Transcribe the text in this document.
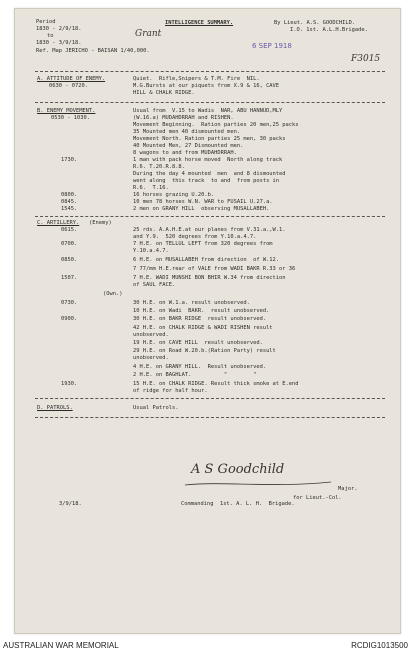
Period
1830 - 2/9/18.
to
1830 - 3/9/18.
Ref. Map JERICHO - BAISAN 1/40,000.
INTELLIGENCE SUMMARY.	By Lieut. A.S. GOODCHILD.
I.O. 1st. A.L.H.Brigade.
Grant
6 SEP 1918
F3015
A. ATTITUDE OF ENEMY.
0630 - 0720.
Quiet.  Rifle,Snipers & T.M. Fire  NIL.
M.G.Bursts at our piquets from X.9 & 16, CAVE
HILL & CHALK RIDGE.
B. ENEMY MOVEMENT.
0530 - 1030.
Usual from  V.15 to Wadis  NAR, ABU HANNUD,MLY
(W.16.a) MUDAHDRRAH and RISHEN.
Movement Beginning.  Ration parties 20 men,25 packs
35 Mounted men 40 dismounted men.
Movement North. Ration parties 25 men, 30 packs
40 Mounted Men, 27 Dismounted men.
8 wagons to and from MUDAHDRRAH.
1730.	1 man with pack horse moved  North along track
R.6. T.20.R.8.8.
During the day 4 mounted  men  and 8 dismounted
went along  this track  to and  from posts in
R.6.  T.16.
0800.	16 horses grazing U.20.b.
0845.	10 men 78 horses W.N. WAR to FUSAIL U.27.a.
1545.	2 men on GRANY HILL  observing MUSALLABEH.
C. ARTILLERY. (Enemy)
0615.	25 rds. A.A.H.E.at our planes from V.31.a.,W.1.
and Y.9.  520 degrees from Y.10.a.4.7.
0700.	7 H.E. on TELLUL LEFT from 320 degrees from
Y.10.a.4.7.
0850.	6 H.E. on MUSALLABEH from direction  of W.12.
7 77/mm H.E.rear of VALE from WADI BAKR R.33 or 36
1507.	7 H.E. WADI MUNSHI BON BHIR W.34 from direction
of SAUL FACE.
(Own.)
0730.	30 H.E. on W.1.a. result unobserved.
10 H.E. on Wadi  BAKR.  result unobserved.
0900.	30 H.E. on BAKR RIDGE  result unobserved.
42 H.E. on CHALK RIDGE & WADI RISHEN result
unobserved.
19 H.E. on CAVE HILL  result unobserved.
29 H.E. on Road W.20.b.(Ration Party) result
unobserved.
4 H.E. on GRANY HILL.  Result unobserved.
2 H.E. on BAGHLAT.          "        "
1930.	15 H.E. on CHALK RIDGE. Result thick smoke at E.end
of ridge for half hour.
D. PATROLS.	Usual Patrols.
A S Goodchild
Major.
for Lieut.-Col.
3/9/18.	Commanding  1st. A. L. H.  Brigade.
AUSTRALIAN WAR MEMORIAL	RCDIG1013500
